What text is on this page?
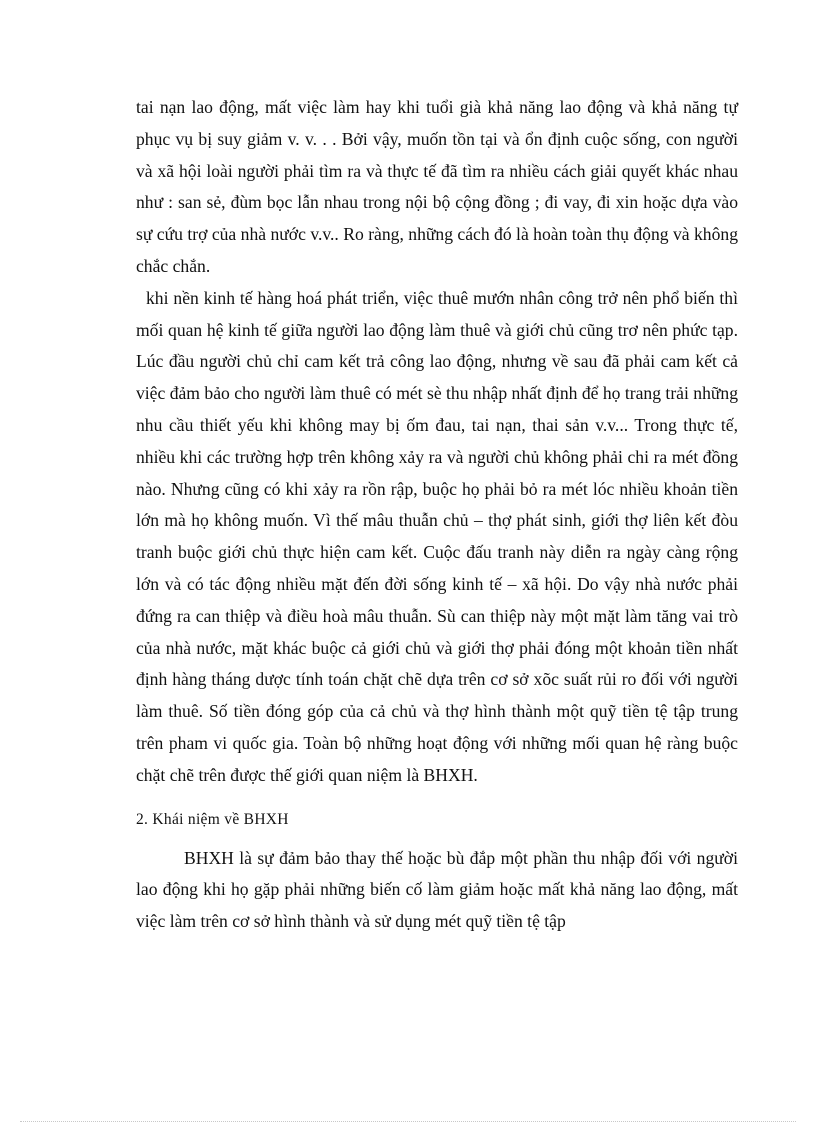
tai nạn lao động, mất việc làm hay khi tuổi già khả năng lao động và khả năng tự phục vụ bị suy giảm v. v. . . Bởi vậy, muốn tồn tại và ổn định cuộc sống, con người và xã hội loài người phải tìm ra và thực tế đã tìm ra nhiều cách giải quyết khác nhau như : san sẻ, đùm bọc lẫn nhau trong nội bộ cộng đồng ; đi vay, đi xin hoặc dựa vào sự cứu trợ của nhà nước v.v.. Ro ràng, những cách đó là hoàn toàn thụ động và không chắc chắn.

khi nền kinh tế hàng hoá phát triển, việc thuê mướn nhân công trở nên phổ biến thì mối quan hệ kinh tế giữa người lao động làm thuê và giới chủ cũng trơ nên phức tạp. Lúc đầu người chủ chỉ cam kết trả công lao động, nhưng về sau đã phải cam kết cả việc đảm bảo cho người làm thuê có mét sè thu nhập nhất định để họ trang trải những nhu cầu thiết yếu khi không may bị ốm đau, tai nạn, thai sản v.v... Trong thực tế, nhiều khi các trường hợp trên không xảy ra và người chủ không phải chi ra mét đồng nào. Nhưng cũng có khi xảy ra rồn rập, buộc họ phải bỏ ra mét lóc nhiều khoản tiền lớn mà họ không muốn. Vì thế mâu thuẫn chủ – thợ phát sinh, giới thợ liên kết đòu tranh buộc giới chủ thực hiện cam kết. Cuộc đấu tranh này diễn ra ngày càng rộng lớn và có tác động nhiều mặt đến đời sống kinh tế – xã hội. Do vậy nhà nước phải đứng ra can thiệp và điều hoà mâu thuẫn. Sù can thiệp này một mặt làm tăng vai trò của nhà nước, mặt khác buộc cả giới chủ và giới thợ phải đóng một khoản tiền nhất định hàng tháng dược tính toán chặt chẽ dựa trên cơ sở xõc suất rủi ro đối với người làm thuê. Số tiền đóng góp của cả chủ và thợ hình thành một quỹ tiền tệ tập trung trên pham vi quốc gia. Toàn bộ những hoạt động với những mối quan hệ ràng buộc chặt chẽ trên được thế giới quan niệm là BHXH.

2. Khái niệm về BHXH

BHXH là sự đảm bảo thay thế hoặc bù đắp một phần thu nhập đối với người lao động khi họ gặp phải những biến cố làm giảm hoặc mất khả năng lao động, mất việc làm trên cơ sở hình thành và sử dụng mét quỹ tiền tệ tập
